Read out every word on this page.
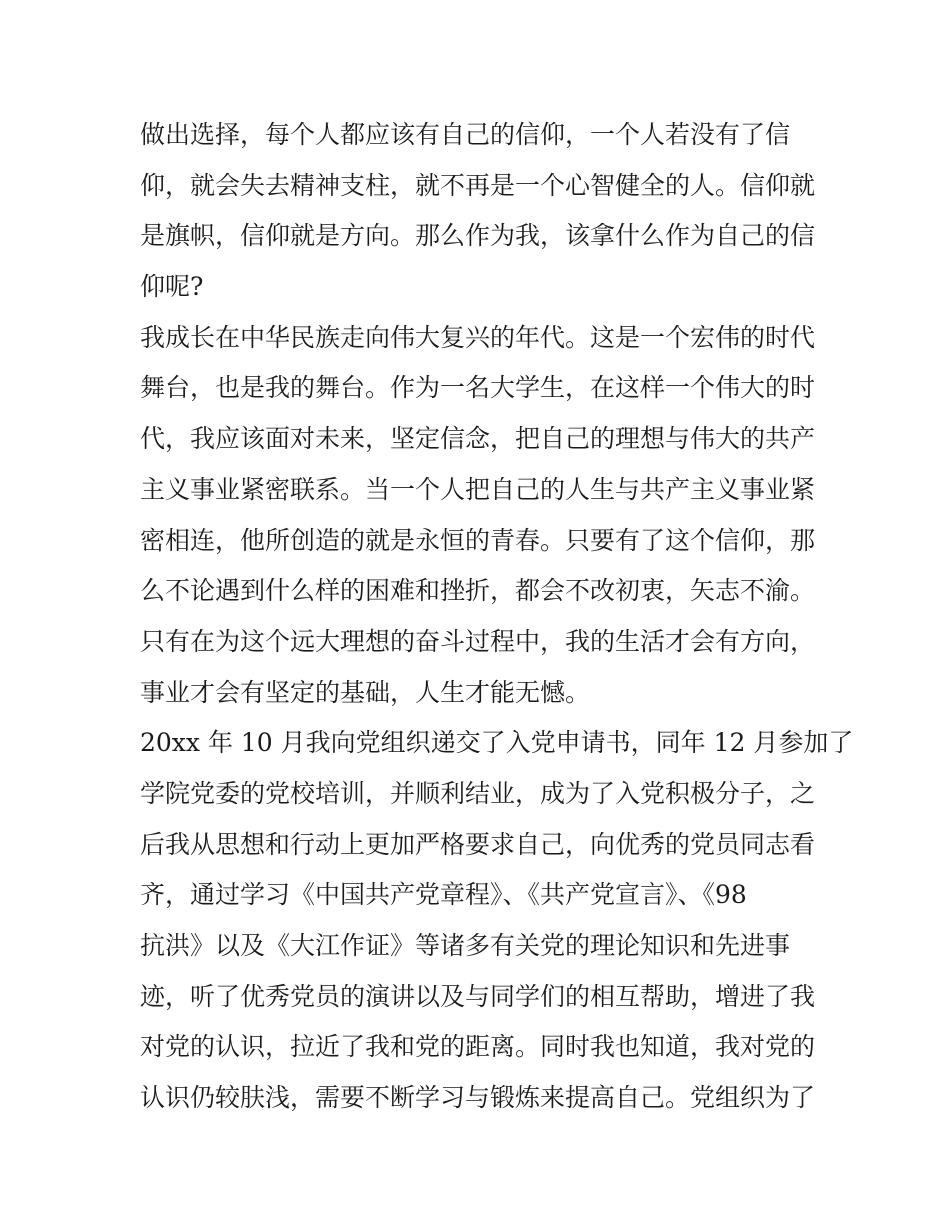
做出选择，每个人都应该有自己的信仰，一个人若没有了信
仰，就会失去精神支柱，就不再是一个心智健全的人。信仰就
是旗帜，信仰就是方向。那么作为我，该拿什么作为自己的信
仰呢?
我成长在中华民族走向伟大复兴的年代。这是一个宏伟的时代
舞台，也是我的舞台。作为一名大学生，在这样一个伟大的时
代，我应该面对未来，坚定信念，把自己的理想与伟大的共产
主义事业紧密联系。当一个人把自己的人生与共产主义事业紧
密相连，他所创造的就是永恒的青春。只要有了这个信仰，那
么不论遇到什么样的困难和挫折，都会不改初衷，矢志不渝。
只有在为这个远大理想的奋斗过程中，我的生活才会有方向，
事业才会有坚定的基础，人生才能无憾。
20xx 年 10 月我向党组织递交了入党申请书，同年 12 月参加了
学院党委的党校培训，并顺利结业，成为了入党积极分子，之
后我从思想和行动上更加严格要求自己，向优秀的党员同志看
齐，通过学习《中国共产党章程》、《共产党宣言》、《98
抗洪》以及《大江作证》等诸多有关党的理论知识和先进事
迹，听了优秀党员的演讲以及与同学们的相互帮助，增进了我
对党的认识，拉近了我和党的距离。同时我也知道，我对党的
认识仍较肤浅，需要不断学习与锻炼来提高自己。党组织为了
